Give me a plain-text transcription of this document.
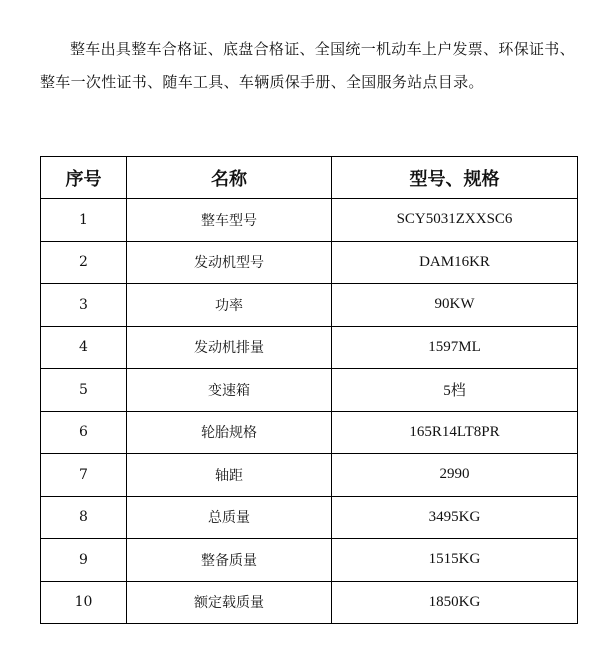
整车出具整车合格证、底盘合格证、全国统一机动车上户发票、环保证书、整车一次性证书、随车工具、车辆质保手册、全国服务站点目录。

序号	名称	型号、规格
1	整车型号	SCY5031ZXXSC6
2	发动机型号	DAM16KR
3	功率	90KW
4	发动机排量	1597ML
5	变速箱	5档
6	轮胎规格	165R14LT8PR
7	轴距	2990
8	总质量	3495KG
9	整备质量	1515KG
10	额定载质量	1850KG
